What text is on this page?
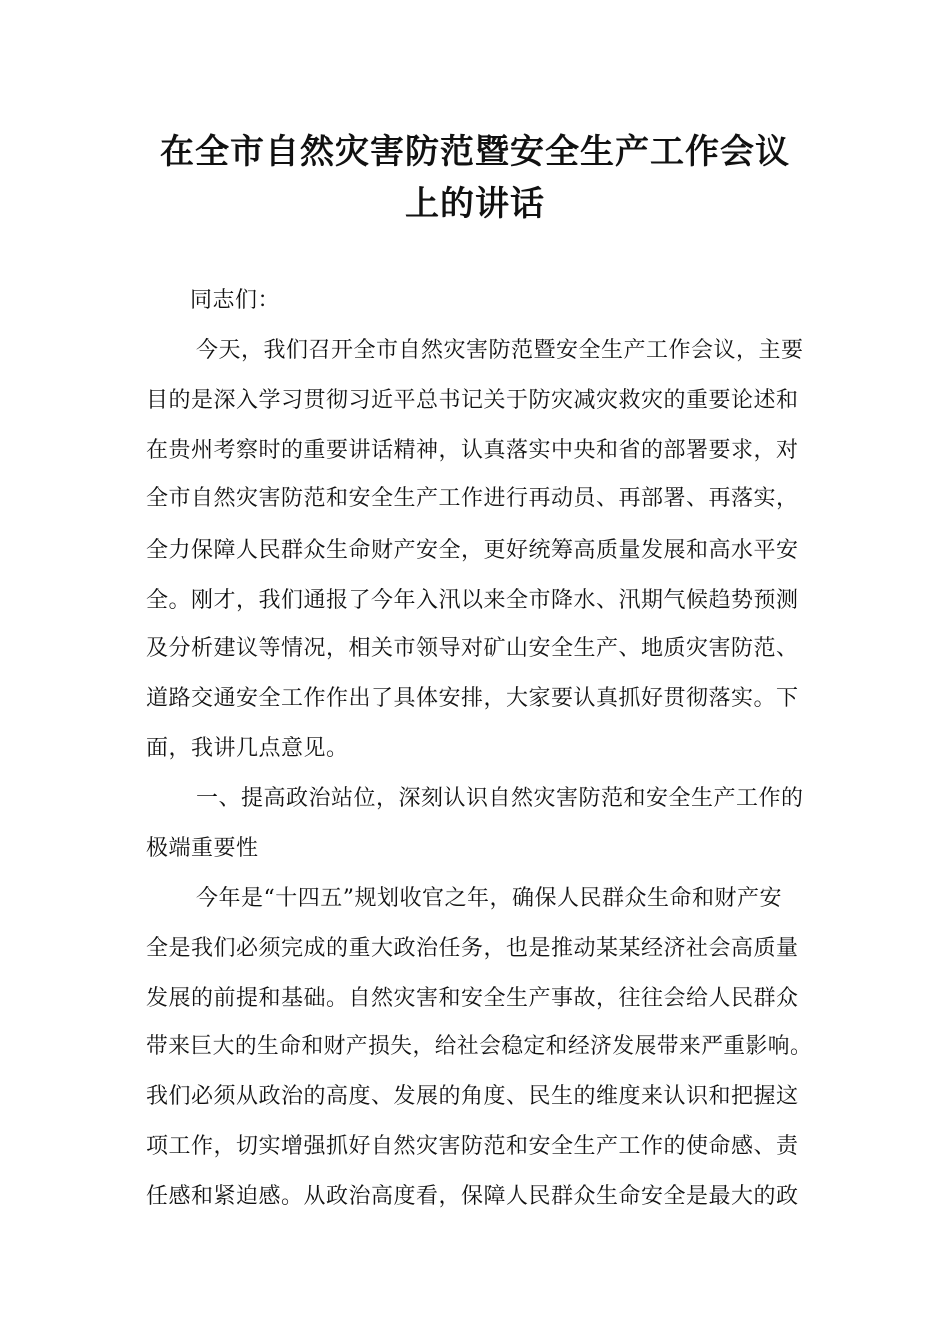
在全市自然灾害防范暨安全生产工作会议
上的讲话
同志们：
今天，我们召开全市自然灾害防范暨安全生产工作会议，主要
目的是深入学习贯彻习近平总书记关于防灾减灾救灾的重要论述和
在贵州考察时的重要讲话精神，认真落实中央和省的部署要求，对
全市自然灾害防范和安全生产工作进行再动员、再部署、再落实，
全力保障人民群众生命财产安全，更好统筹高质量发展和高水平安
全。刚才，我们通报了今年入汛以来全市降水、汛期气候趋势预测
及分析建议等情况，相关市领导对矿山安全生产、地质灾害防范、
道路交通安全工作作出了具体安排，大家要认真抓好贯彻落实。下
面，我讲几点意见。
一、提高政治站位，深刻认识自然灾害防范和安全生产工作的
极端重要性
今年是“十四五”规划收官之年，确保人民群众生命和财产安
全是我们必须完成的重大政治任务，也是推动某某经济社会高质量
发展的前提和基础。自然灾害和安全生产事故，往往会给人民群众
带来巨大的生命和财产损失，给社会稳定和经济发展带来严重影响。
我们必须从政治的高度、发展的角度、民生的维度来认识和把握这
项工作，切实增强抓好自然灾害防范和安全生产工作的使命感、责
任感和紧迫感。从政治高度看，保障人民群众生命安全是最大的政
